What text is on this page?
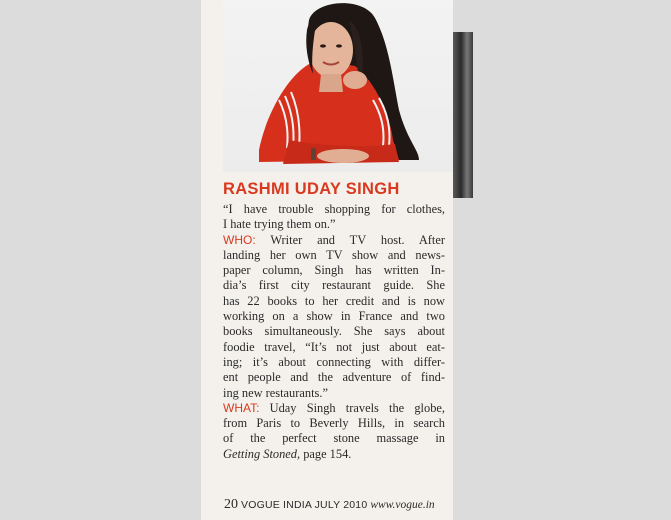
RASHMI UDAY SINGH

“I have trouble shopping for clothes,
I hate trying them on.”
WHO: Writer and TV host. After
landing her own TV show and news-
paper column, Singh has written In-
dia’s first city restaurant guide. She
has 22 books to her credit and is now
working on a show in France and two
books simultaneously. She says about
foodie travel, “It’s not just about eat-
ing; it’s about connecting with differ-
ent people and the adventure of find-
ing new restaurants.”
WHAT: Uday Singh travels the globe,
from Paris to Beverly Hills, in search
of the perfect stone massage in
Getting Stoned, page 154.

20 VOGUE INDIA JULY 2010 www.vogue.in
